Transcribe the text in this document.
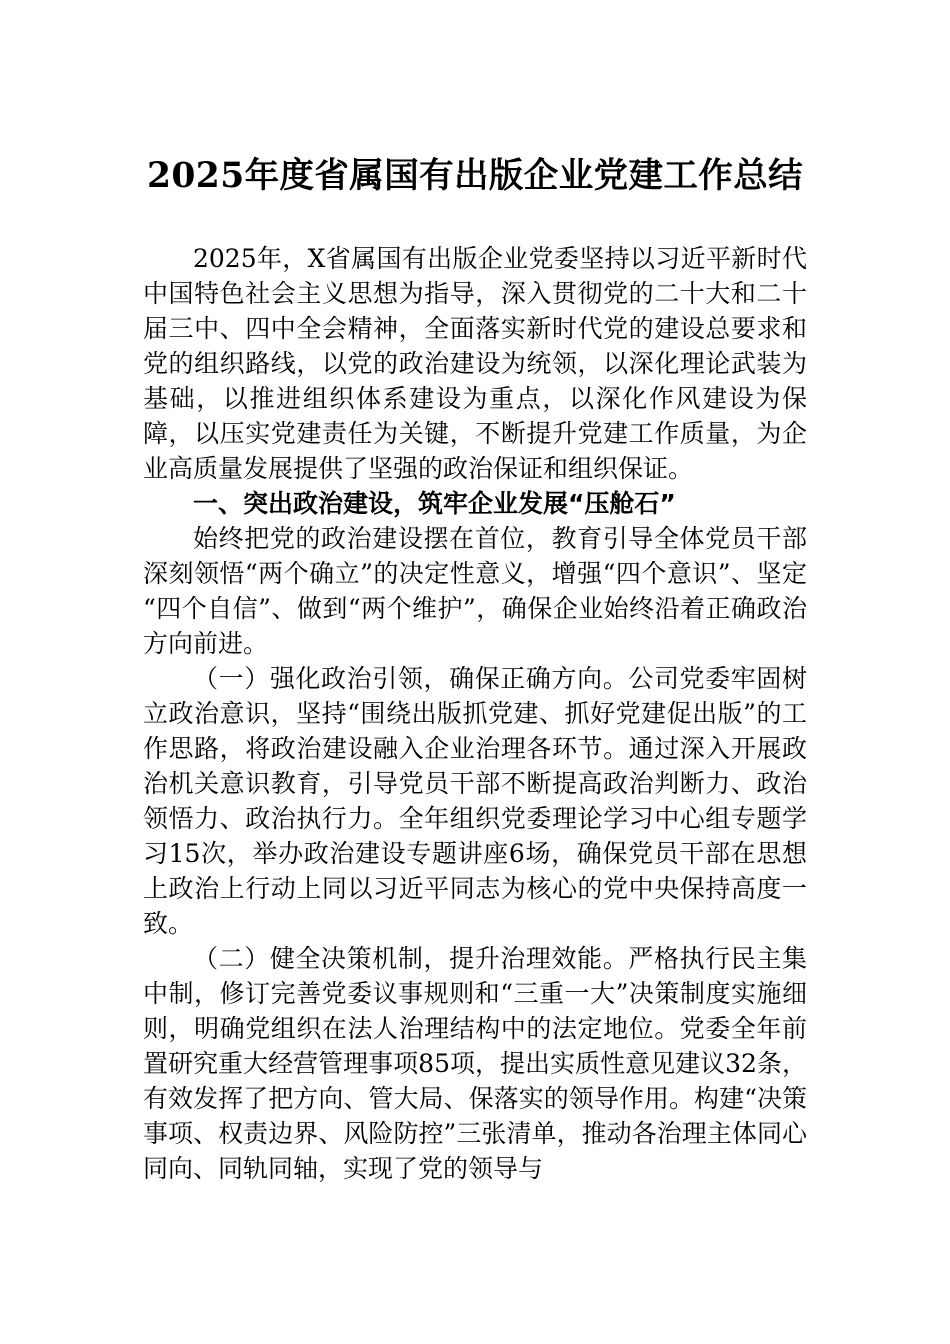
2025年度省属国有出版企业党建工作总结

2025年，X省属国有出版企业党委坚持以习近平新时代中国特色社会主义思想为指导，深入贯彻党的二十大和二十届三中、四中全会精神，全面落实新时代党的建设总要求和党的组织路线，以党的政治建设为统领，以深化理论武装为基础，以推进组织体系建设为重点，以深化作风建设为保障，以压实党建责任为关键，不断提升党建工作质量，为企业高质量发展提供了坚强的政治保证和组织保证。

一、突出政治建设，筑牢企业发展“压舱石”

始终把党的政治建设摆在首位，教育引导全体党员干部深刻领悟“两个确立”的决定性意义，增强“四个意识”、坚定“四个自信”、做到“两个维护”，确保企业始终沿着正确政治方向前进。

（一）强化政治引领，确保正确方向。公司党委牢固树立政治意识，坚持“围绕出版抓党建、抓好党建促出版”的工作思路，将政治建设融入企业治理各环节。通过深入开展政治机关意识教育，引导党员干部不断提高政治判断力、政治领悟力、政治执行力。全年组织党委理论学习中心组专题学习15次，举办政治建设专题讲座6场，确保党员干部在思想上政治上行动上同以习近平同志为核心的党中央保持高度一致。

（二）健全决策机制，提升治理效能。严格执行民主集中制，修订完善党委议事规则和“三重一大”决策制度实施细则，明确党组织在法人治理结构中的法定地位。党委全年前置研究重大经营管理事项85项，提出实质性意见建议32条，有效发挥了把方向、管大局、保落实的领导作用。构建“决策事项、权责边界、风险防控”三张清单，推动各治理主体同心同向、同轨同轴，实现了党的领导与
